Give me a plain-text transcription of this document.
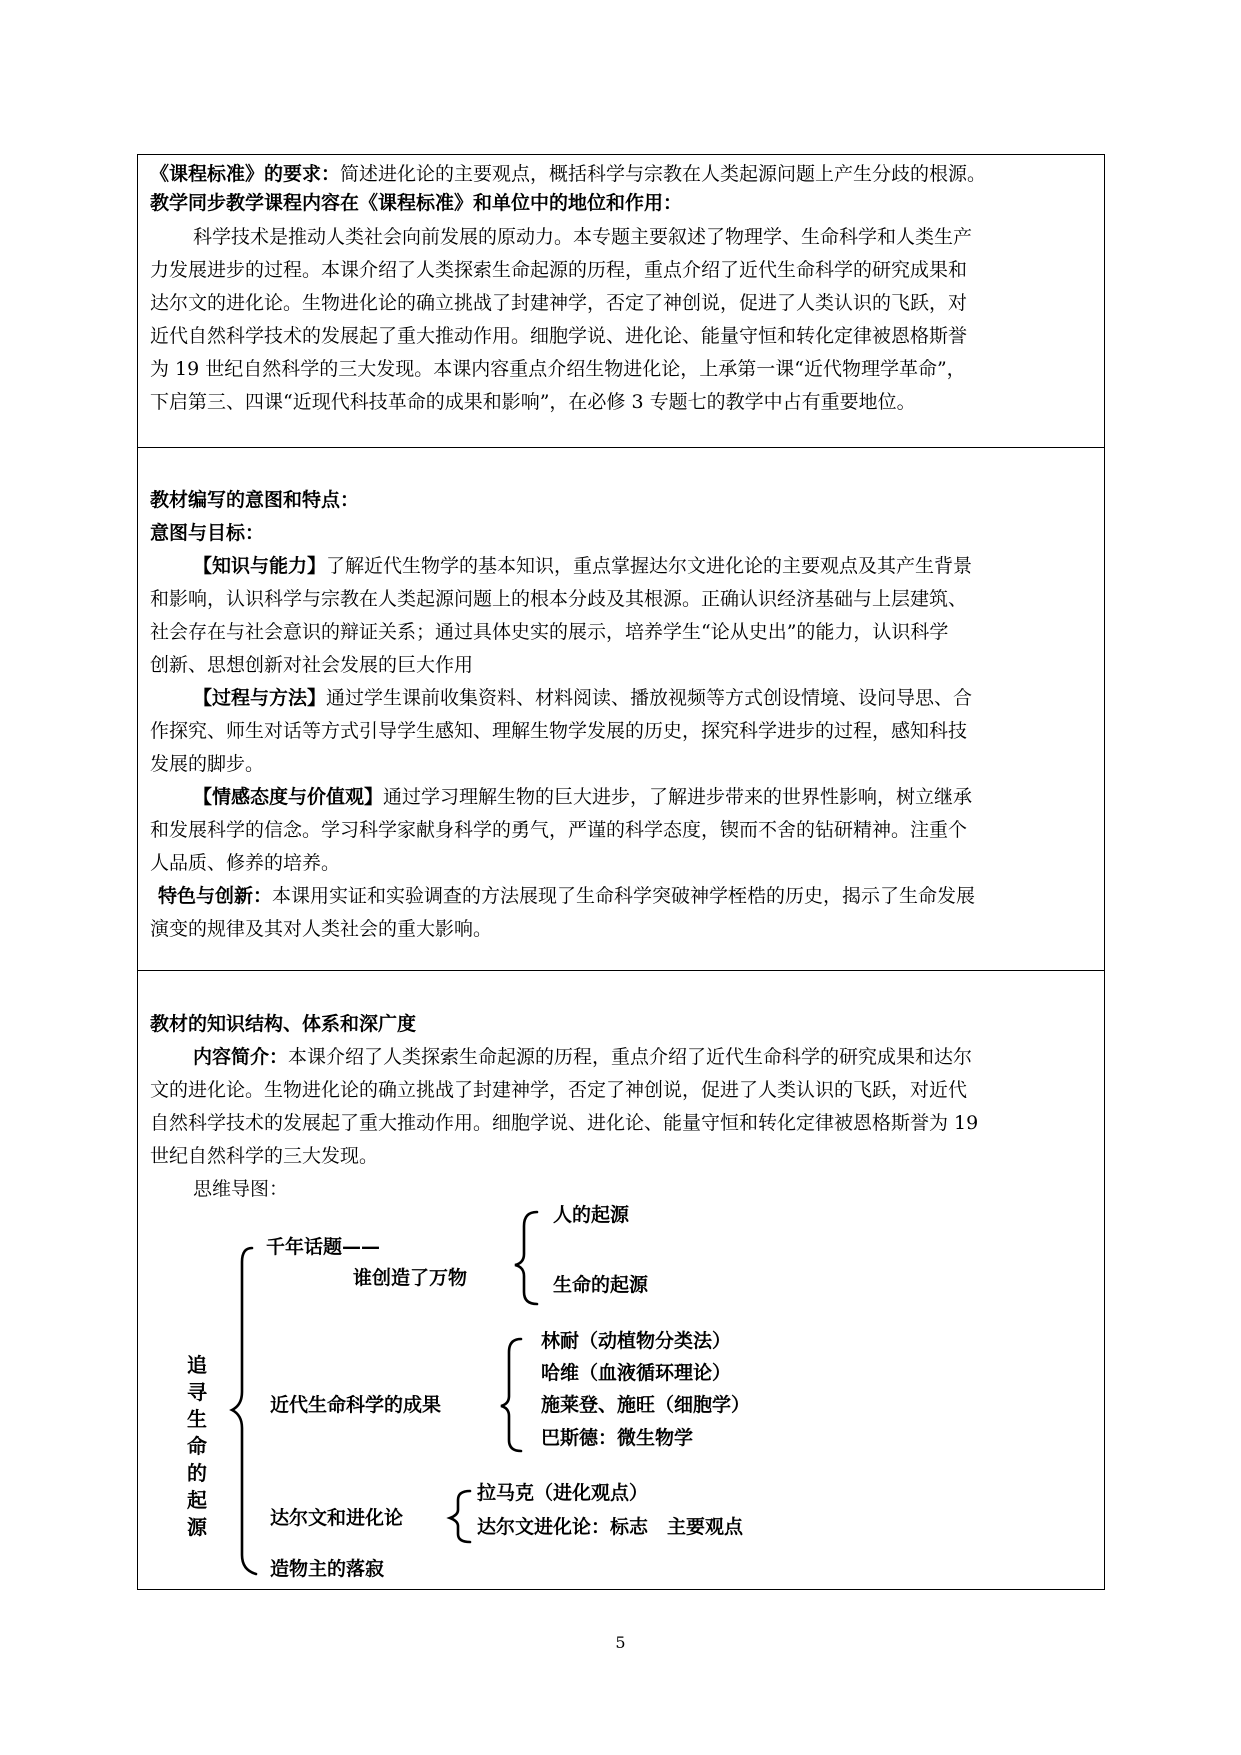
《课程标准》的要求：简述进化论的主要观点，概括科学与宗教在人类起源问题上产生分歧的根源。
教学同步教学课程内容在《课程标准》和单位中的地位和作用：
科学技术是推动人类社会向前发展的原动力。本专题主要叙述了物理学、生命科学和人类生产
力发展进步的过程。本课介绍了人类探索生命起源的历程，重点介绍了近代生命科学的研究成果和
达尔文的进化论。生物进化论的确立挑战了封建神学，否定了神创说，促进了人类认识的飞跃，对
近代自然科学技术的发展起了重大推动作用。细胞学说、进化论、能量守恒和转化定律被恩格斯誉
为 19 世纪自然科学的三大发现。本课内容重点介绍生物进化论，上承第一课“近代物理学革命”，
下启第三、四课“近现代科技革命的成果和影响”，在必修 3 专题七的教学中占有重要地位。
教材编写的意图和特点：
意图与目标：
【知识与能力】了解近代生物学的基本知识，重点掌握达尔文进化论的主要观点及其产生背景
和影响，认识科学与宗教在人类起源问题上的根本分歧及其根源。正确认识经济基础与上层建筑、
社会存在与社会意识的辩证关系；通过具体史实的展示，培养学生“论从史出”的能力，认识科学
创新、思想创新对社会发展的巨大作用
【过程与方法】通过学生课前收集资料、材料阅读、播放视频等方式创设情境、设问导思、合
作探究、师生对话等方式引导学生感知、理解生物学发展的历史，探究科学进步的过程，感知科技
发展的脚步。
【情感态度与价值观】通过学习理解生物的巨大进步，了解进步带来的世界性影响，树立继承
和发展科学的信念。学习科学家献身科学的勇气，严谨的科学态度，锲而不舍的钻研精神。注重个
人品质、修养的培养。
特色与创新：本课用实证和实验调查的方法展现了生命科学突破神学桎梏的历史，揭示了生命发展
演变的规律及其对人类社会的重大影响。
教材的知识结构、体系和深广度
内容简介：本课介绍了人类探索生命起源的历程，重点介绍了近代生命科学的研究成果和达尔
文的进化论。生物进化论的确立挑战了封建神学，否定了神创说，促进了人类认识的飞跃，对近代
自然科学技术的发展起了重大推动作用。细胞学说、进化论、能量守恒和转化定律被恩格斯誉为 19
世纪自然科学的三大发现。
思维导图：
追
寻
生
命
的
起
源
千年话题——
谁创造了万物
人的起源
生命的起源
近代生命科学的成果
林耐（动植物分类法）
哈维（血液循环理论）
施莱登、施旺（细胞学）
巴斯德：微生物学
达尔文和进化论
拉马克（进化观点）
达尔文进化论：标志　主要观点
造物主的落寂
5
